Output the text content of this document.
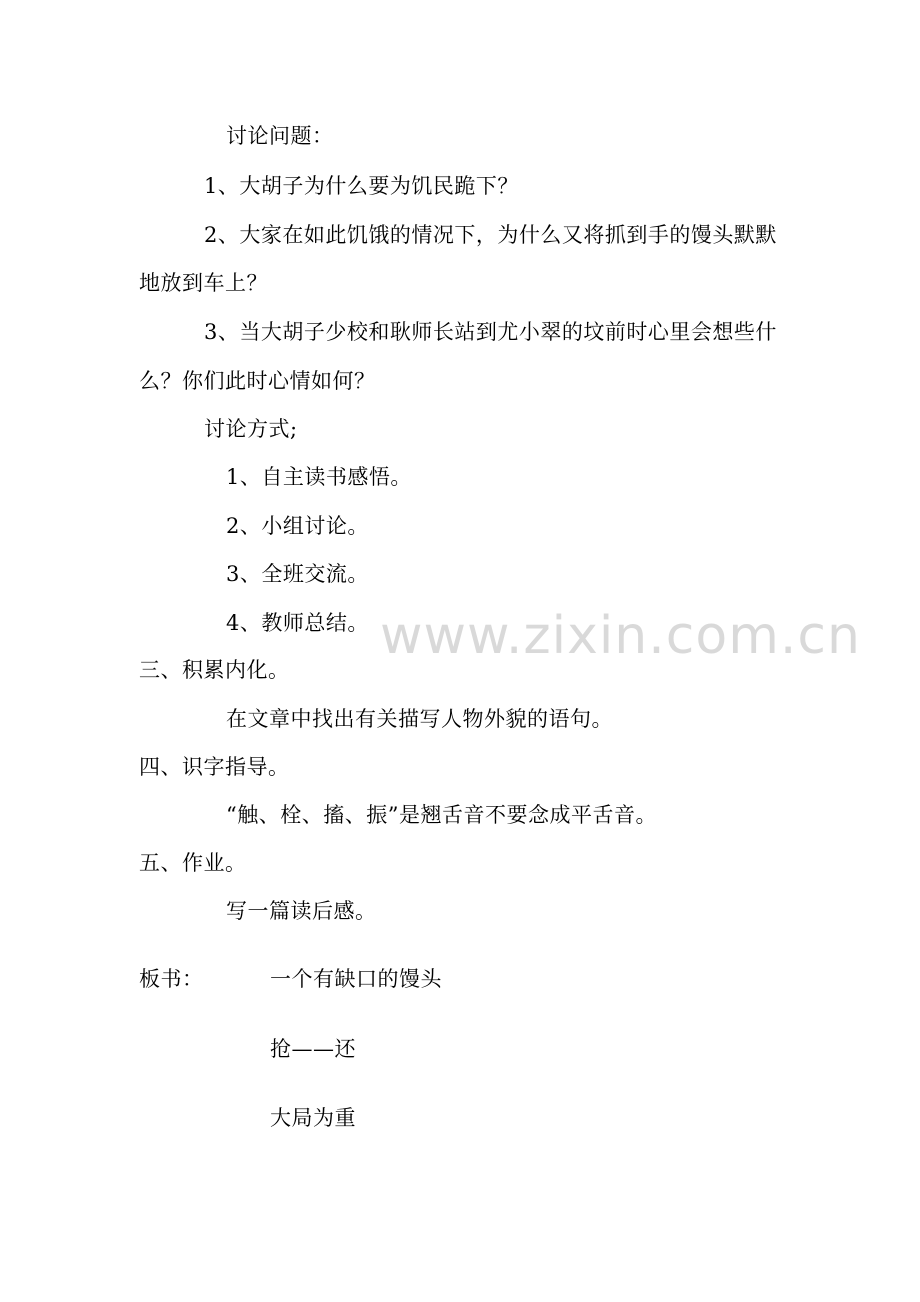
讨论问题：
1、大胡子为什么要为饥民跪下？
2、大家在如此饥饿的情况下，为什么又将抓到手的馒头默默
地放到车上？
3、当大胡子少校和耿师长站到尤小翠的坟前时心里会想些什
么？你们此时心情如何？
讨论方式;
1、自主读书感悟。
2、小组讨论。
3、全班交流。
4、教师总结。
三、积累内化。
在文章中找出有关描写人物外貌的语句。
四、识字指导。
“触、栓、搐、振”是翘舌音不要念成平舌音。
五、作业。
写一篇读后感。
板书：	一个有缺口的馒头
抢——还
大局为重
www.zixin.com.cn
